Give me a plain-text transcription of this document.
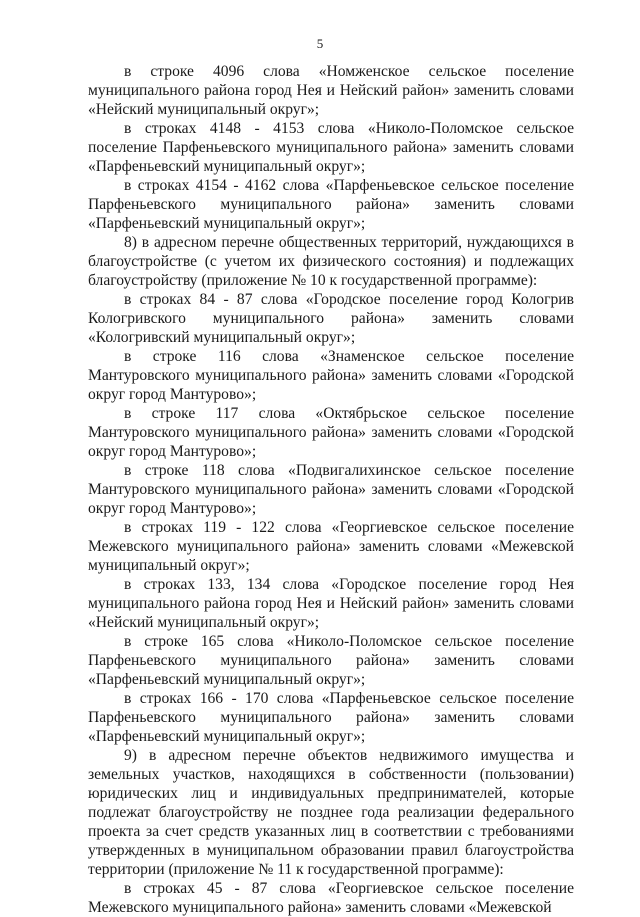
5

в строке 4096 слова «Номженское сельское поселение муниципального района город Нея и Нейский район» заменить словами «Нейский муниципальный округ»;

в строках 4148 - 4153 слова «Николо-Поломское сельское поселение Парфеньевского муниципального района» заменить словами «Парфеньевский муниципальный округ»;

в строках 4154 - 4162 слова «Парфеньевское сельское поселение Парфеньевского муниципального района» заменить словами «Парфеньевский муниципальный округ»;

8) в адресном перечне общественных территорий, нуждающихся в благоустройстве (с учетом их физического состояния) и подлежащих благоустройству (приложение № 10 к государственной программе):

в строках 84 - 87 слова «Городское поселение город Кологрив Кологривского муниципального района» заменить словами «Кологривский муниципальный округ»;

в строке 116 слова «Знаменское сельское поселение Мантуровского муниципального района» заменить словами «Городской округ город Мантурово»;

в строке 117 слова «Октябрьское сельское поселение Мантуровского муниципального района» заменить словами «Городской округ город Мантурово»;

в строке 118 слова «Подвигалихинское сельское поселение Мантуровского муниципального района» заменить словами «Городской округ город Мантурово»;

в строках 119 - 122 слова «Георгиевское сельское поселение Межевского муниципального района» заменить словами «Межевской муниципальный округ»;

в строках 133, 134 слова «Городское поселение город Нея муниципального района город Нея и Нейский район» заменить словами «Нейский муниципальный округ»;

в строке 165 слова «Николо-Поломское сельское поселение Парфеньевского муниципального района» заменить словами «Парфеньевский муниципальный округ»;

в строках 166 - 170 слова «Парфеньевское сельское поселение Парфеньевского муниципального района» заменить словами «Парфеньевский муниципальный округ»;

9) в адресном перечне объектов недвижимого имущества и земельных участков, находящихся в собственности (пользовании) юридических лиц и индивидуальных предпринимателей, которые подлежат благоустройству не позднее года реализации федерального проекта за счет средств указанных лиц в соответствии с требованиями утвержденных в муниципальном образовании правил благоустройства территории (приложение № 11 к государственной программе):

в строках 45 - 87 слова «Георгиевское сельское поселение Межевского муниципального района» заменить словами «Межевской
